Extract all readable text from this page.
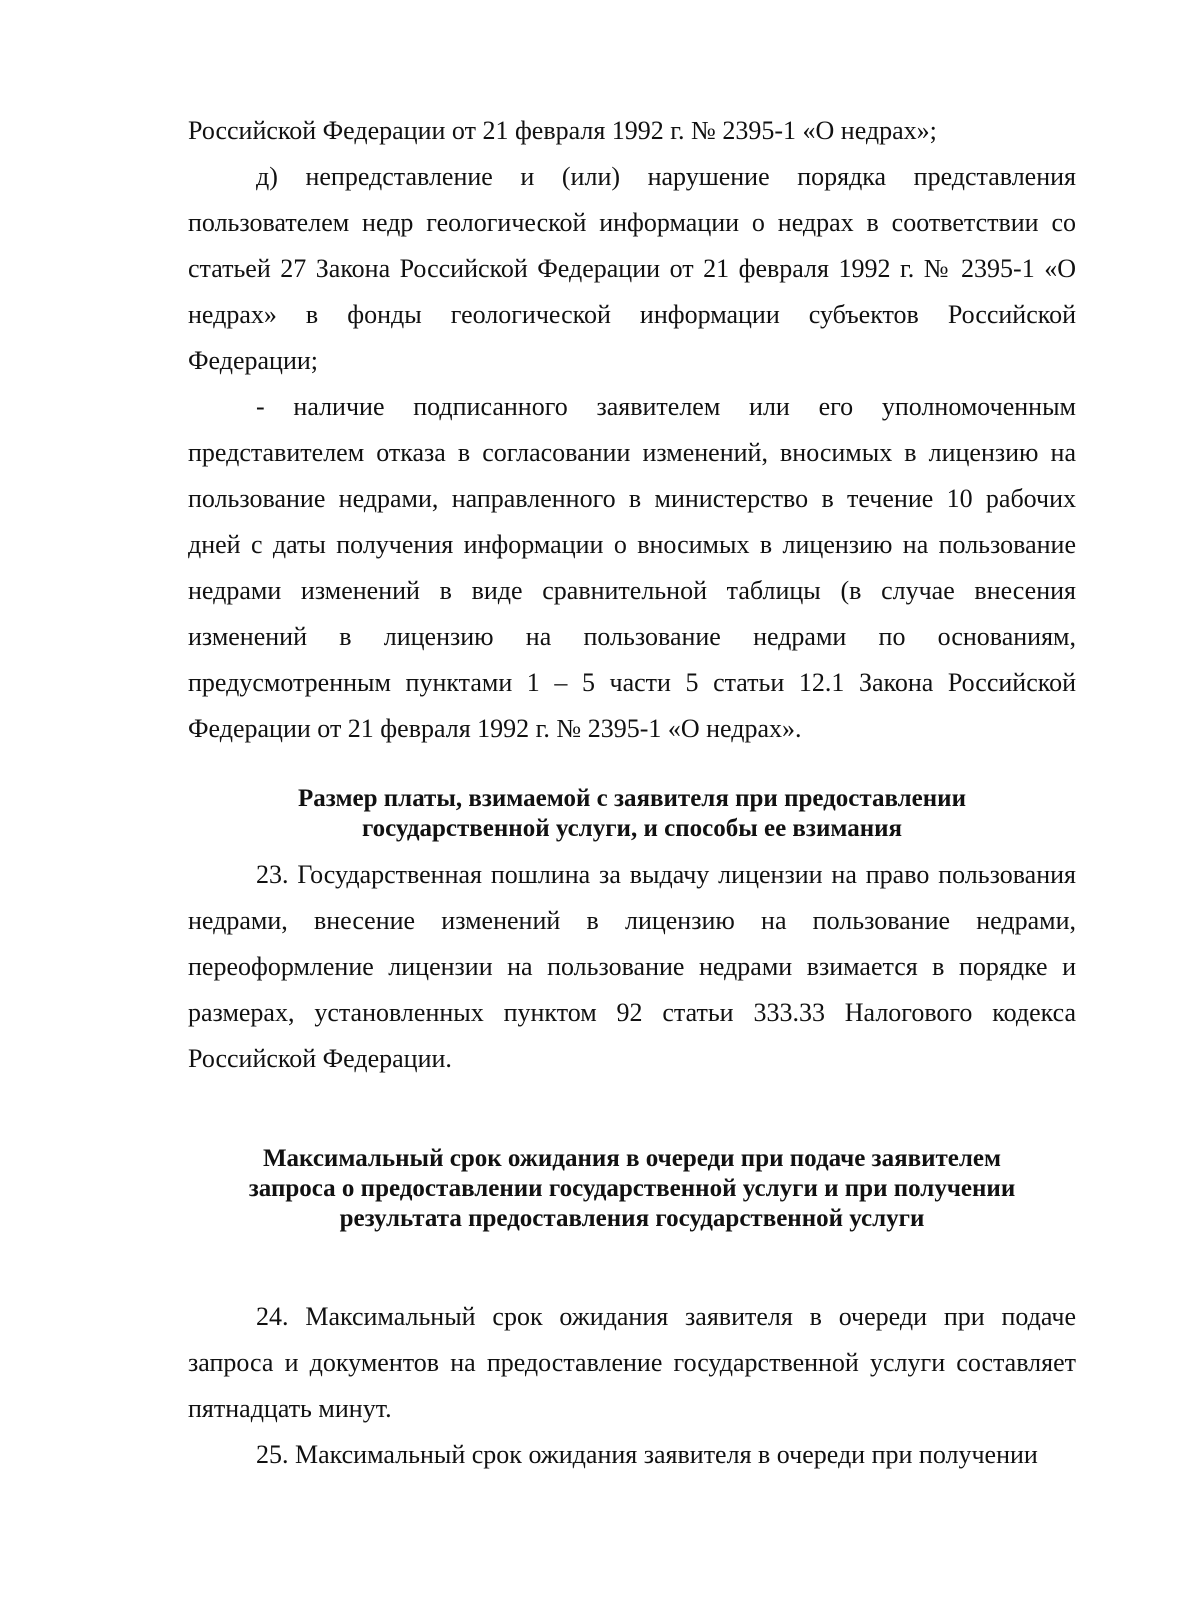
Российской Федерации от 21 февраля 1992 г. № 2395-1 «О недрах»;

д) непредставление и (или) нарушение порядка представления пользователем недр геологической информации о недрах в соответствии со статьей 27 Закона Российской Федерации от 21 февраля 1992 г. № 2395-1 «О недрах» в фонды геологической информации субъектов Российской Федерации;

- наличие подписанного заявителем или его уполномоченным представителем отказа в согласовании изменений, вносимых в лицензию на пользование недрами, направленного в министерство в течение 10 рабочих дней с даты получения информации о вносимых в лицензию на пользование недрами изменений в виде сравнительной таблицы (в случае внесения изменений в лицензию на пользование недрами по основаниям, предусмотренным пунктами 1 – 5 части 5 статьи 12.1 Закона Российской Федерации от 21 февраля 1992 г. № 2395-1 «О недрах».

Размер платы, взимаемой с заявителя при предоставлении
государственной услуги, и способы ее взимания

23. Государственная пошлина за выдачу лицензии на право пользования недрами, внесение изменений в лицензию на пользование недрами, переоформление лицензии на пользование недрами взимается в порядке и размерах, установленных пунктом 92 статьи 333.33 Налогового кодекса Российской Федерации.

Максимальный срок ожидания в очереди при подаче заявителем
запроса о предоставлении государственной услуги и при получении
результата предоставления государственной услуги

24. Максимальный срок ожидания заявителя в очереди при подаче запроса и документов на предоставление государственной услуги составляет пятнадцать минут.

25. Максимальный срок ожидания заявителя в очереди при получении
